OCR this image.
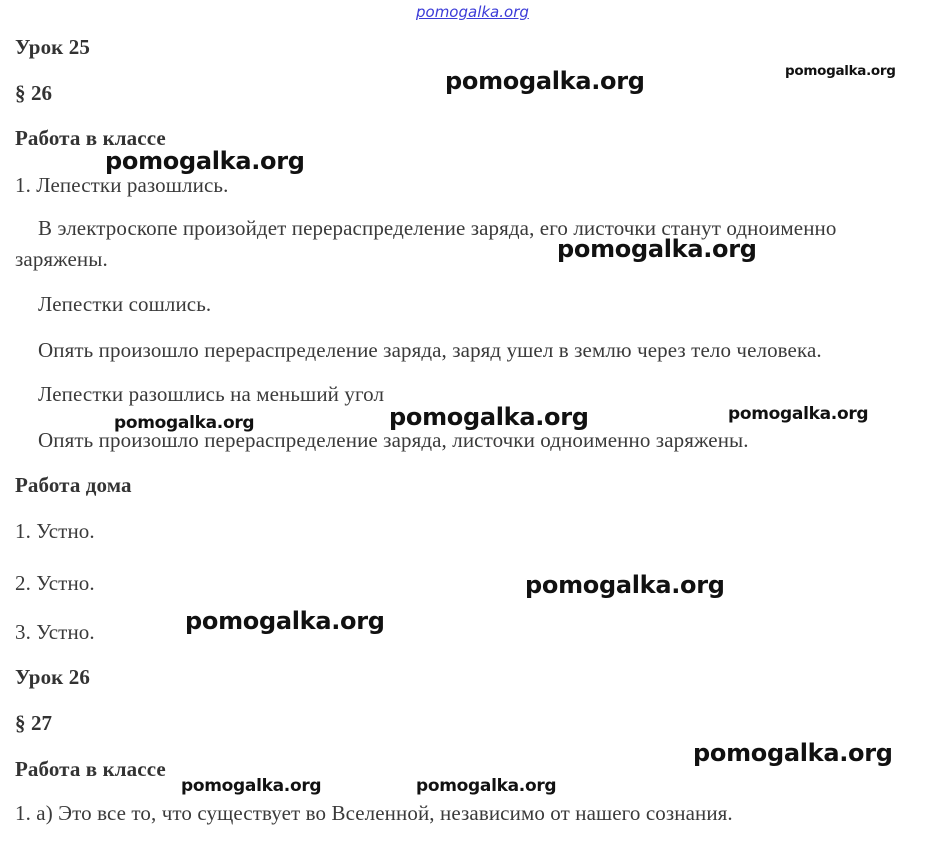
pomogalka.org
Урок 25
§ 26
Работа в классе
1. Лепестки разошлись.
В электроскопе произойдет перераспределение заряда, его листочки станут одноименно
заряжены.
Лепестки сошлись.
Опять произошло перераспределение заряда, заряд ушел в землю через тело человека.
Лепестки разошлись на меньший угол
Опять произошло перераспределение заряда, листочки одноименно заряжены.
Работа дома
1. Устно.
2. Устно.
3. Устно.
Урок 26
§ 27
Работа в классе
1. а) Это все то, что существует во Вселенной, независимо от нашего сознания.
pomogalka.org	pomogalka.org
pomogalka.org
pomogalka.org
pomogalka.org	pomogalka.org	pomogalka.org
pomogalka.org
pomogalka.org
pomogalka.org
pomogalka.org	pomogalka.org
